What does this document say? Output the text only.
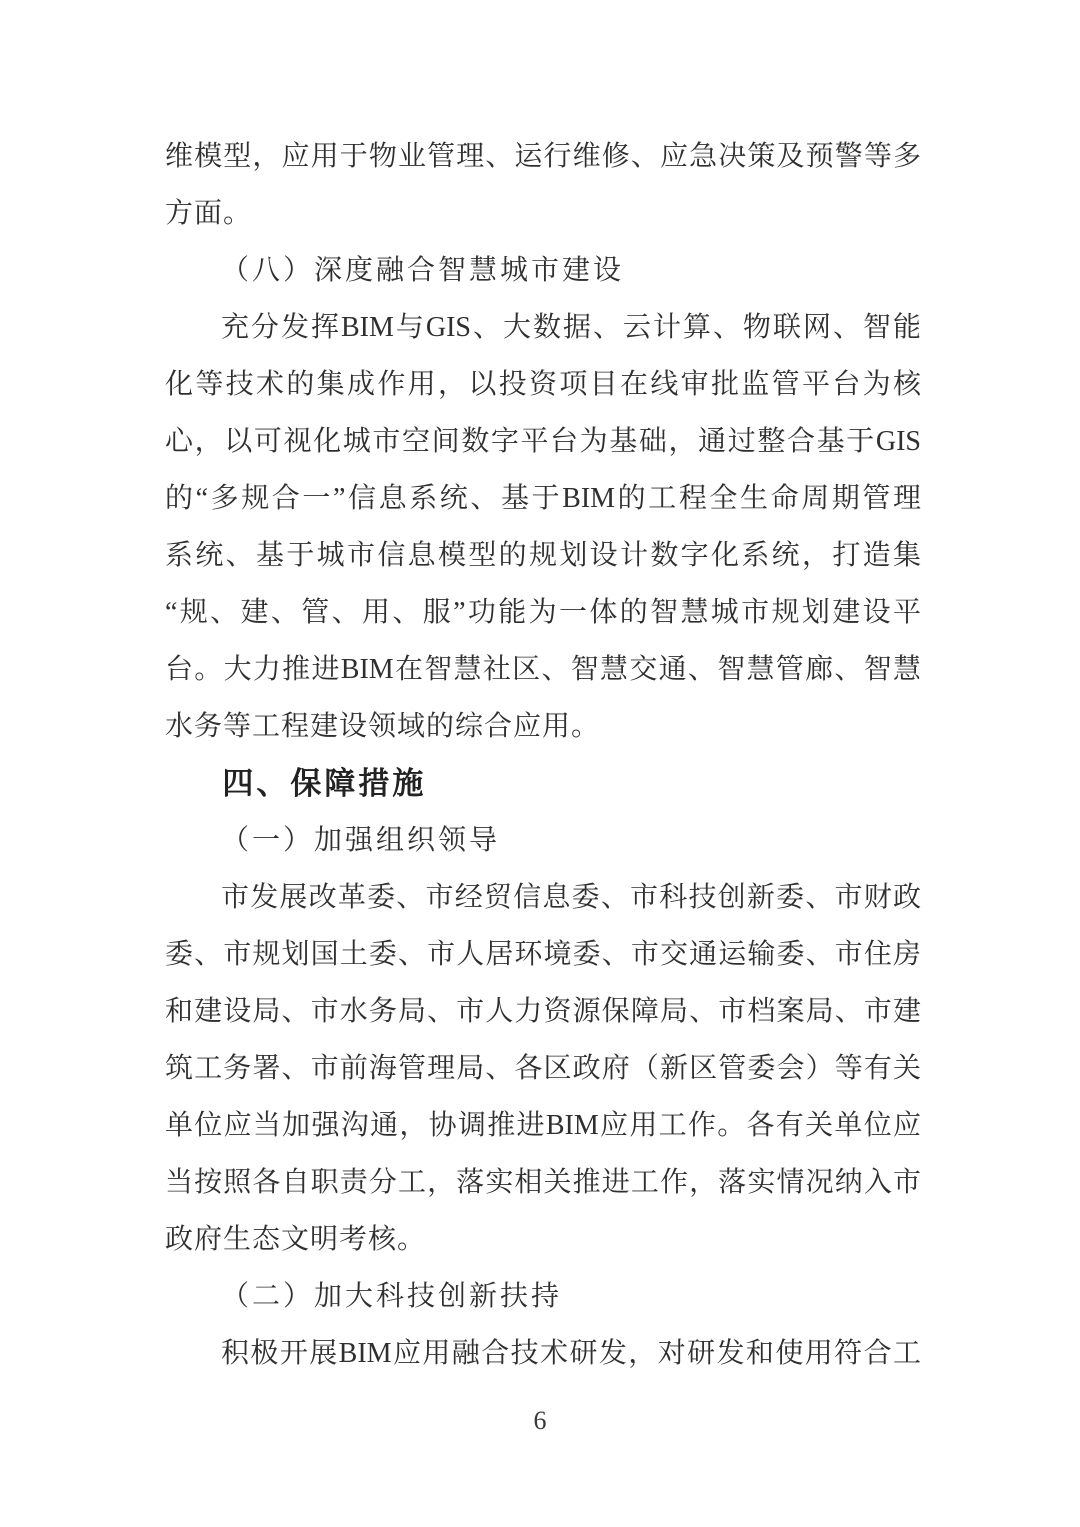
维模型，应用于物业管理、运行维修、应急决策及预警等多
方面。
（八）深度融合智慧城市建设
充分发挥BIM与GIS、大数据、云计算、物联网、智能
化等技术的集成作用，以投资项目在线审批监管平台为核
心，以可视化城市空间数字平台为基础，通过整合基于GIS
的“多规合一”信息系统、基于BIM的工程全生命周期管理
系统、基于城市信息模型的规划设计数字化系统，打造集
“规、建、管、用、服”功能为一体的智慧城市规划建设平
台。大力推进BIM在智慧社区、智慧交通、智慧管廊、智慧
水务等工程建设领域的综合应用。
四、保障措施
（一）加强组织领导
市发展改革委、市经贸信息委、市科技创新委、市财政
委、市规划国土委、市人居环境委、市交通运输委、市住房
和建设局、市水务局、市人力资源保障局、市档案局、市建
筑工务署、市前海管理局、各区政府（新区管委会）等有关
单位应当加强沟通，协调推进BIM应用工作。各有关单位应
当按照各自职责分工，落实相关推进工作，落实情况纳入市
政府生态文明考核。
（二）加大科技创新扶持
积极开展BIM应用融合技术研发，对研发和使用符合工
6
